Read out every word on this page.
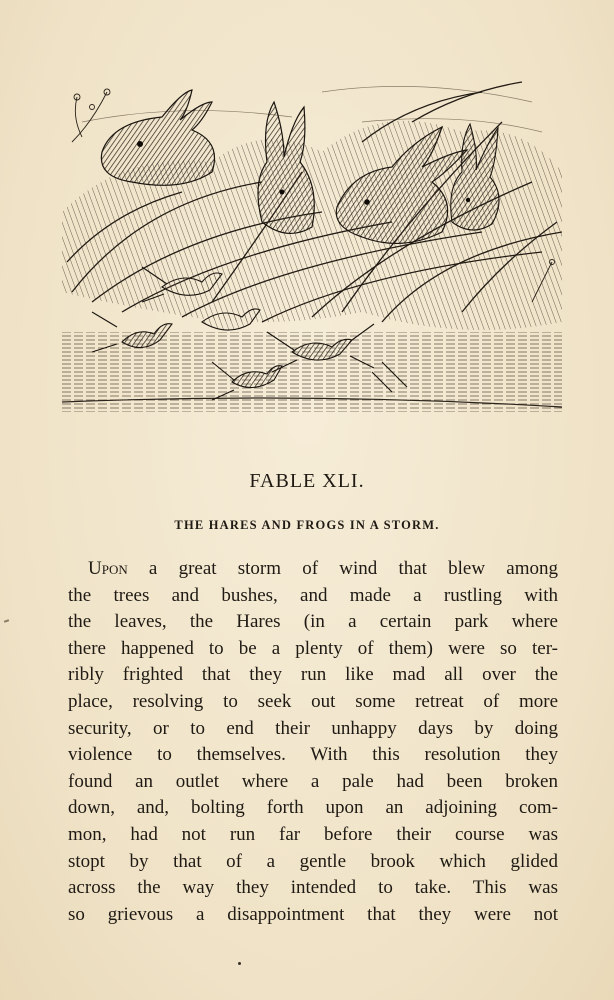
FABLE XLI.
THE HARES AND FROGS IN A STORM.
Upon a great storm of wind that blew among
the trees and bushes, and made a rustling with
the leaves, the Hares (in a certain park where
there happened to be a plenty of them) were so ter-
ribly frighted that they run like mad all over the
place, resolving to seek out some retreat of more
security, or to end their unhappy days by doing
violence to themselves. With this resolution they
found an outlet where a pale had been broken
down, and, bolting forth upon an adjoining com-
mon, had not run far before their course was
stopt by that of a gentle brook which glided
across the way they intended to take. This was
so grievous a disappointment that they were not
